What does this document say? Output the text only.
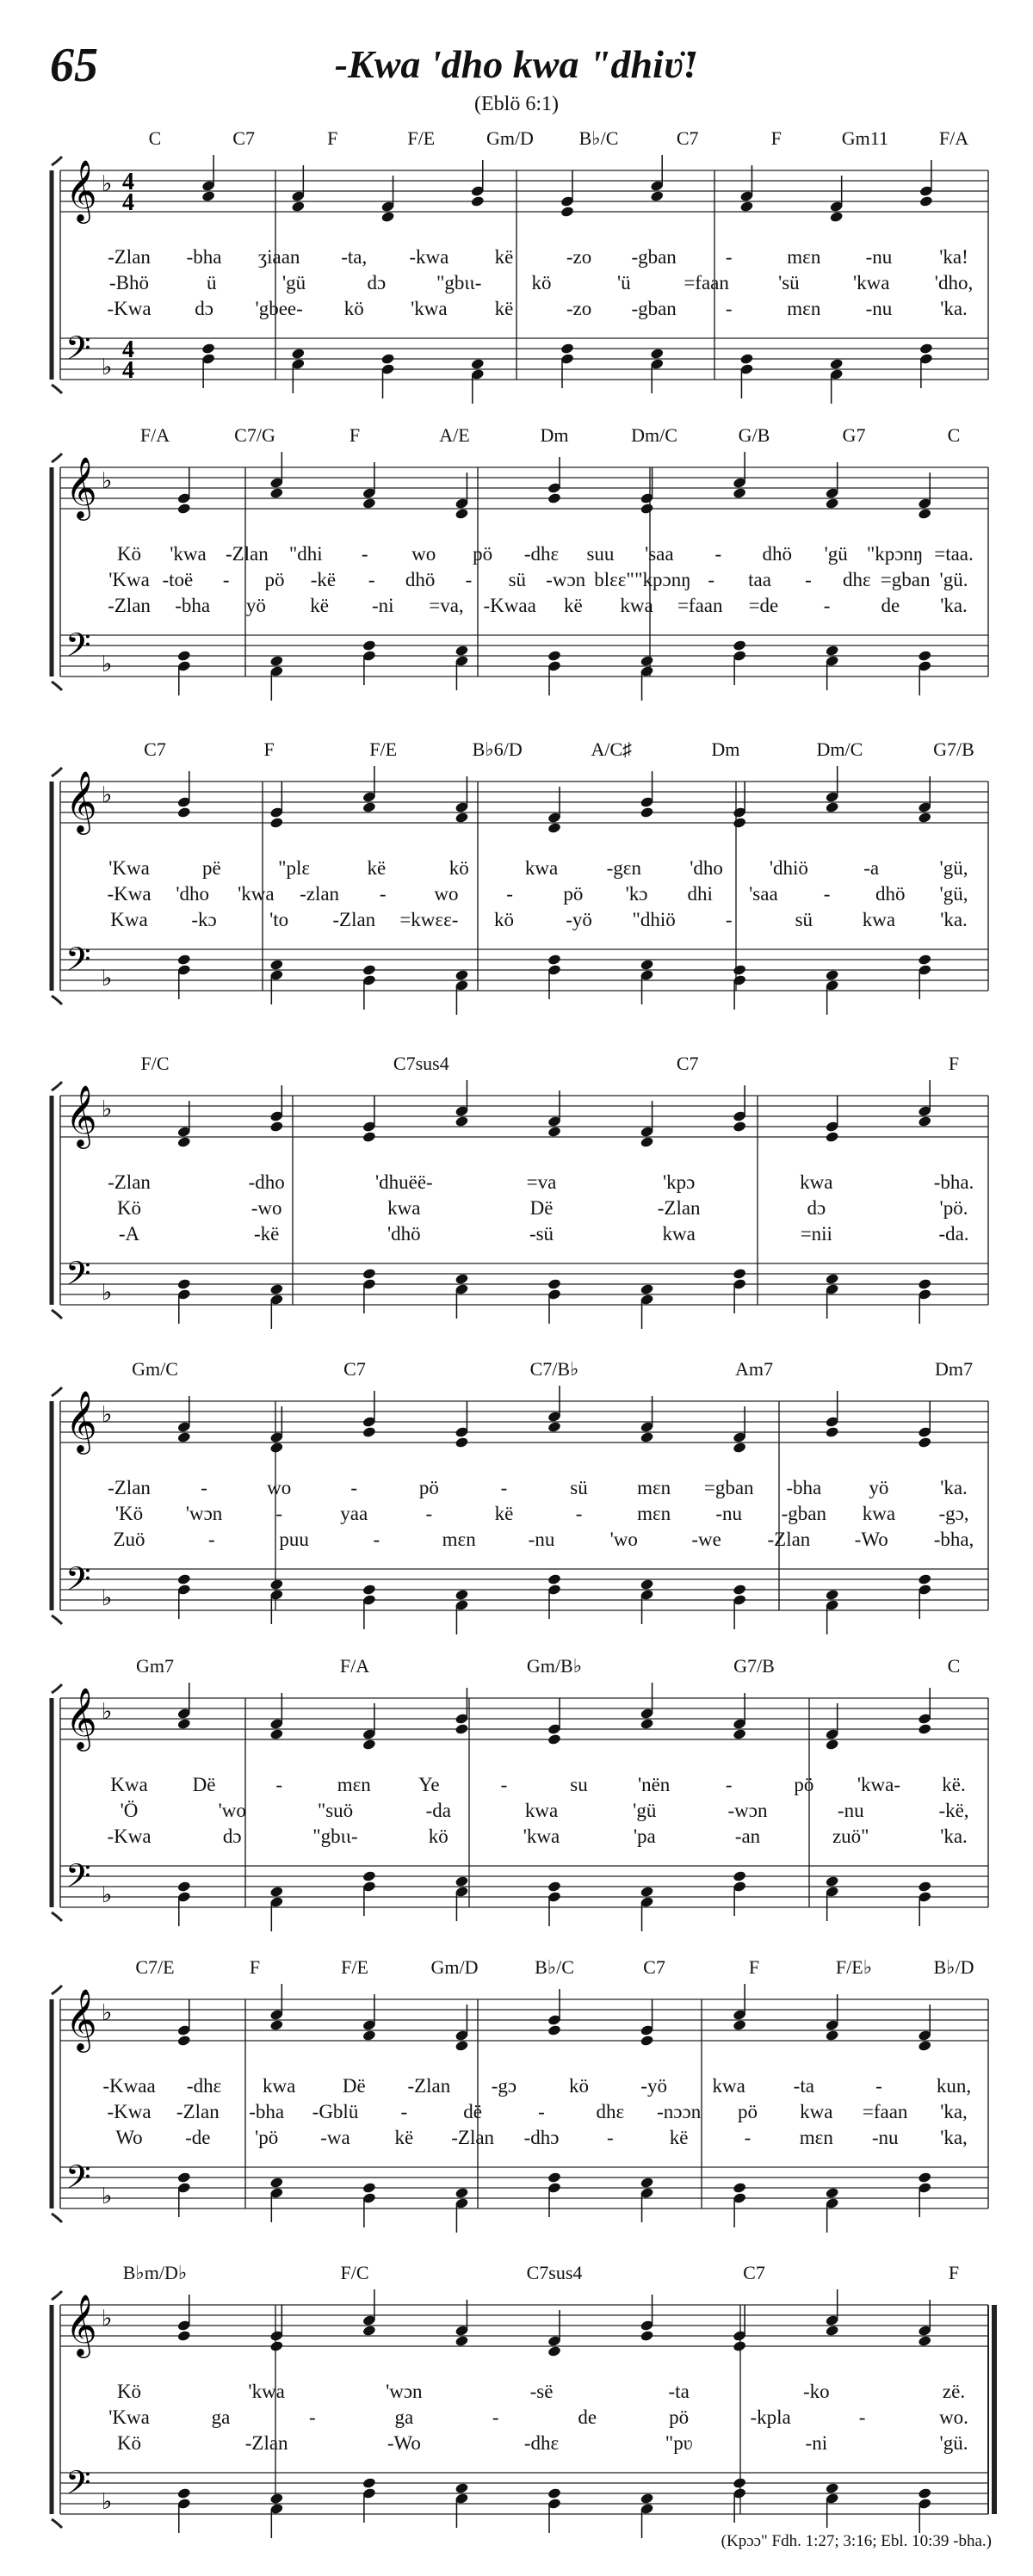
65	-Kwa 'dho kwa "dhiʋ̈!
(Eblö 6:1)
𝄞
𝄢
♭
♭
4
4
4
4
C	C7	F	F/E	Gm/D B♭/C	C7	F	Gm11	F/A
-Zlan -bha ʒiaan -ta, -kwa kë	-zo -gban -	mɛn -nu 'ka!
-Bhö	ü	'gü	dɔ	"gbɩɩ-	kö	'ü	=faan 'sü	'kwa 'dho,
-Kwa dɔ 'gbee- kö 'kwa kë	-zo -gban -	mɛn -nu 'ka.
𝄞
𝄢
♭
♭
F/A	C7/G	F	A/E	Dm	Dm/C	G/B	G7	C
Kö 'kwa -Zlan "dhi - wo pö -dhɛ suu 'saa - dhö 'gü "kpɔnŋ =taa.
'Kwa -toë - pö -kë - dhö - sü -wɔn blɛɛ" "kpɔnŋ - taa - dhɛ =gban 'gü.
-Zlan -bha yö kë -ni =va, -Kwaa kë kwa =faan =de -	de 'ka.
𝄞
𝄢
♭
♭
C7	F	F/E	B♭6/D	A/C♯	Dm	Dm/C	G7/B
'Kwa	pë	"plɛ	kë	kö	kwa -gɛn 'dho 'dhiö	-a	'gü,
-Kwa 'dho 'kwa -zlan - wo -	pö 'kɔ dhi 'saa - dhö 'gü,
Kwa -kɔ	'to -Zlan =kwɛɛ- kö	-yö "dhiö	-	sü	kwa 'ka.
𝄞
𝄢
♭
♭
F/C	C7sus4	C7	F
-Zlan	-dho	'dhuëë-	=va	'kpɔ	kwa	-bha.
Kö	-wo	kwa	Dë	-Zlan	dɔ	'pö.
-A	-kë	'dhö	-sü	kwa	=nii	-da.
𝄞
𝄢
♭
♭
Gm/C	C7	C7/B♭	Am7	Dm7
-Zlan	-	wo	-	pö	-	sü mɛn =gban -bha yö	'ka.
'Kö 'wɔn	-	yaa	-	kë	-	mɛn -nu -gban kwa -gɔ,
Zuö	-	puu	-	mɛn	-nu	'wo	-we -Zlan -Wo -bha,
𝄞
𝄢
♭
♭
Gm7	F/A	Gm/B♭	G7/B	C
Kwa Dë	-	mɛn Ye	-	su	'nën	-	pö 'kwa- kë.
'Ö	'wo	"suö	-da	kwa	'gü	-wɔn	-nu	-kë,
-Kwa	dɔ	"gbɩɩ-	kö	'kwa	'pa	-an	zuö"	'ka.
𝄞
𝄢
♭
♭
C7/E	F	F/E	Gm/D	B♭/C	C7	F	F/E♭	B♭/D
-Kwaa -dhɛ kwa Dë -Zlan -gɔ	kö	-yö kwa -ta	-	kun,
-Kwa -Zlan -bha -Gblü -	dë	-	dhɛ -nɔɔn pö kwa =faan 'ka,
Wo -de 'pö -wa kë -Zlan -dhɔ -	kë	- mɛn -nu 'ka,
𝄞
𝄢
♭
♭
B♭m/D♭	F/C	C7sus4	C7	F
Kö	'kwa	'wɔn	-së	-ta	-ko	zë.
'Kwa	ga	-	ga	-	de	pö	-kpla	-	wo.
Kö	-Zlan	-Wo	-dhɛ	"pʋ	-ni	'gü.
(Kpɔɔ" Fdh. 1:27; 3:16; Ebl. 10:39 -bha.)
